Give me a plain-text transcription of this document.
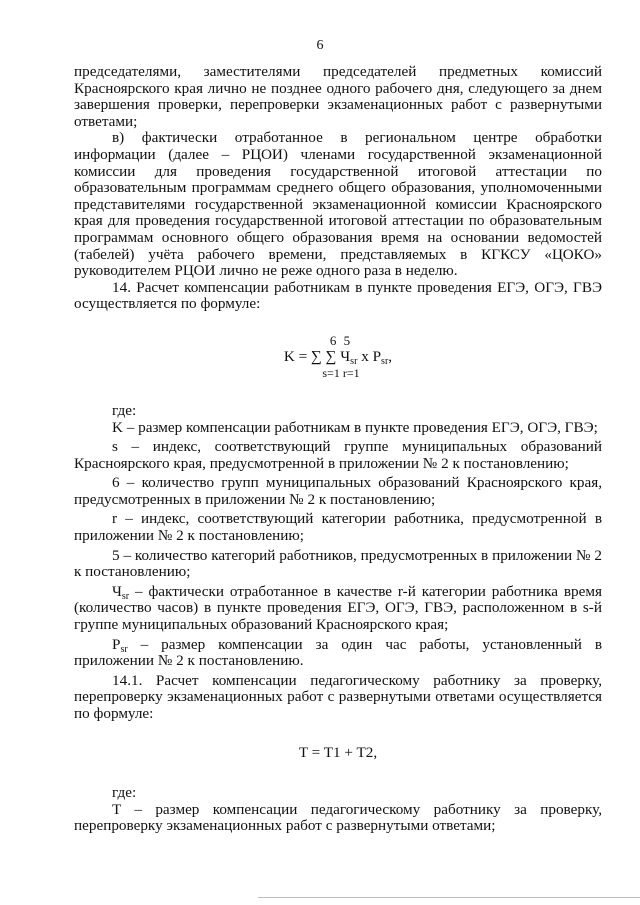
6

председателями, заместителями председателей предметных комиссий Красноярского края лично не позднее одного рабочего дня, следующего за днем завершения проверки, перепроверки экзаменационных работ с развернутыми ответами;

в) фактически отработанное в региональном центре обработки информации (далее – РЦОИ) членами государственной экзаменационной комиссии для проведения государственной итоговой аттестации по образовательным программам среднего общего образования, уполномоченными представителями государственной экзаменационной комиссии Красноярского края для проведения государственной итоговой аттестации по образовательным программам основного общего образования время на основании ведомостей (табелей) учёта рабочего времени, представляемых в КГКСУ «ЦОКО» руководителем РЦОИ лично не реже одного раза в неделю.

14. Расчет компенсации работникам в пункте проведения ЕГЭ, ОГЭ, ГВЭ осуществляется по формуле:

6 5
K = ∑ ∑ $Ч_{sr}$ x $P_{sr}$,
s=1 r=1

где:

K – размер компенсации работникам в пункте проведения ЕГЭ, ОГЭ, ГВЭ;

s – индекс, соответствующий группе муниципальных образований Красноярского края, предусмотренной в приложении № 2 к постановлению;

6 – количество групп муниципальных образований Красноярского края, предусмотренных в приложении № 2 к постановлению;

r – индекс, соответствующий категории работника, предусмотренной в приложении № 2 к постановлению;

5 – количество категорий работников, предусмотренных в приложении № 2 к постановлению;

$Ч_{sr}$ – фактически отработанное в качестве r-й категории работника время (количество часов) в пункте проведения ЕГЭ, ОГЭ, ГВЭ, расположенном в s-й группе муниципальных образований Красноярского края;

$P_{sr}$ – размер компенсации за один час работы, установленный в приложении № 2 к постановлению.

14.1. Расчет компенсации педагогическому работнику за проверку, перепроверку экзаменационных работ с развернутыми ответами осуществляется по формуле:

T = T1 + T2,

где:

T – размер компенсации педагогическому работнику за проверку, перепроверку экзаменационных работ с развернутыми ответами;
